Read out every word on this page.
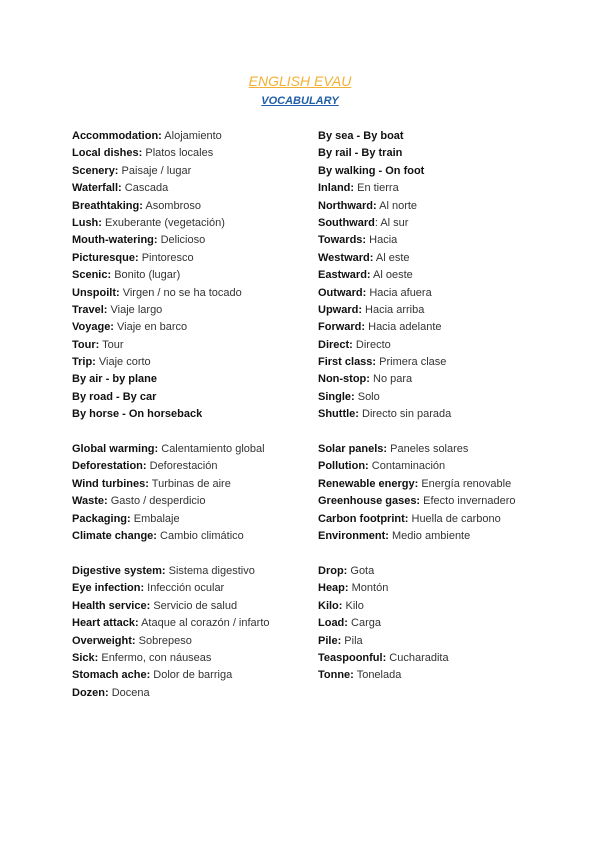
ENGLISH EVAU
VOCABULARY
Accommodation: Alojamiento
Local dishes: Platos locales
Scenery: Paisaje / lugar
Waterfall: Cascada
Breathtaking: Asombroso
Lush: Exuberante (vegetación)
Mouth-watering: Delicioso
Picturesque: Pintoresco
Scenic: Bonito (lugar)
Unspoilt: Virgen / no se ha tocado
Travel: Viaje largo
Voyage: Viaje en barco
Tour: Tour
Trip: Viaje corto
By air - by plane
By road - By car
By horse - On horseback
By sea - By boat
By rail - By train
By walking - On foot
Inland: En tierra
Northward: Al norte
Southward: Al sur
Towards: Hacia
Westward: Al este
Eastward: Al oeste
Outward: Hacia afuera
Upward: Hacia arriba
Forward: Hacia adelante
Direct: Directo
First class: Primera clase
Non-stop: No para
Single: Solo
Shuttle: Directo sin parada
Global warming: Calentamiento global
Deforestation: Deforestación
Wind turbines: Turbinas de aire
Waste: Gasto / desperdicio
Packaging: Embalaje
Climate change: Cambio climático
Solar panels: Paneles solares
Pollution: Contaminación
Renewable energy: Energía renovable
Greenhouse gases: Efecto invernadero
Carbon footprint: Huella de carbono
Environment: Medio ambiente
Digestive system: Sistema digestivo
Eye infection: Infección ocular
Health service: Servicio de salud
Heart attack: Ataque al corazón / infarto
Overweight: Sobrepeso
Sick: Enfermo, con náuseas
Stomach ache: Dolor de barriga
Dozen: Docena
Drop: Gota
Heap: Montón
Kilo: Kilo
Load: Carga
Pile: Pila
Teaspoonful: Cucharadita
Tonne: Tonelada
